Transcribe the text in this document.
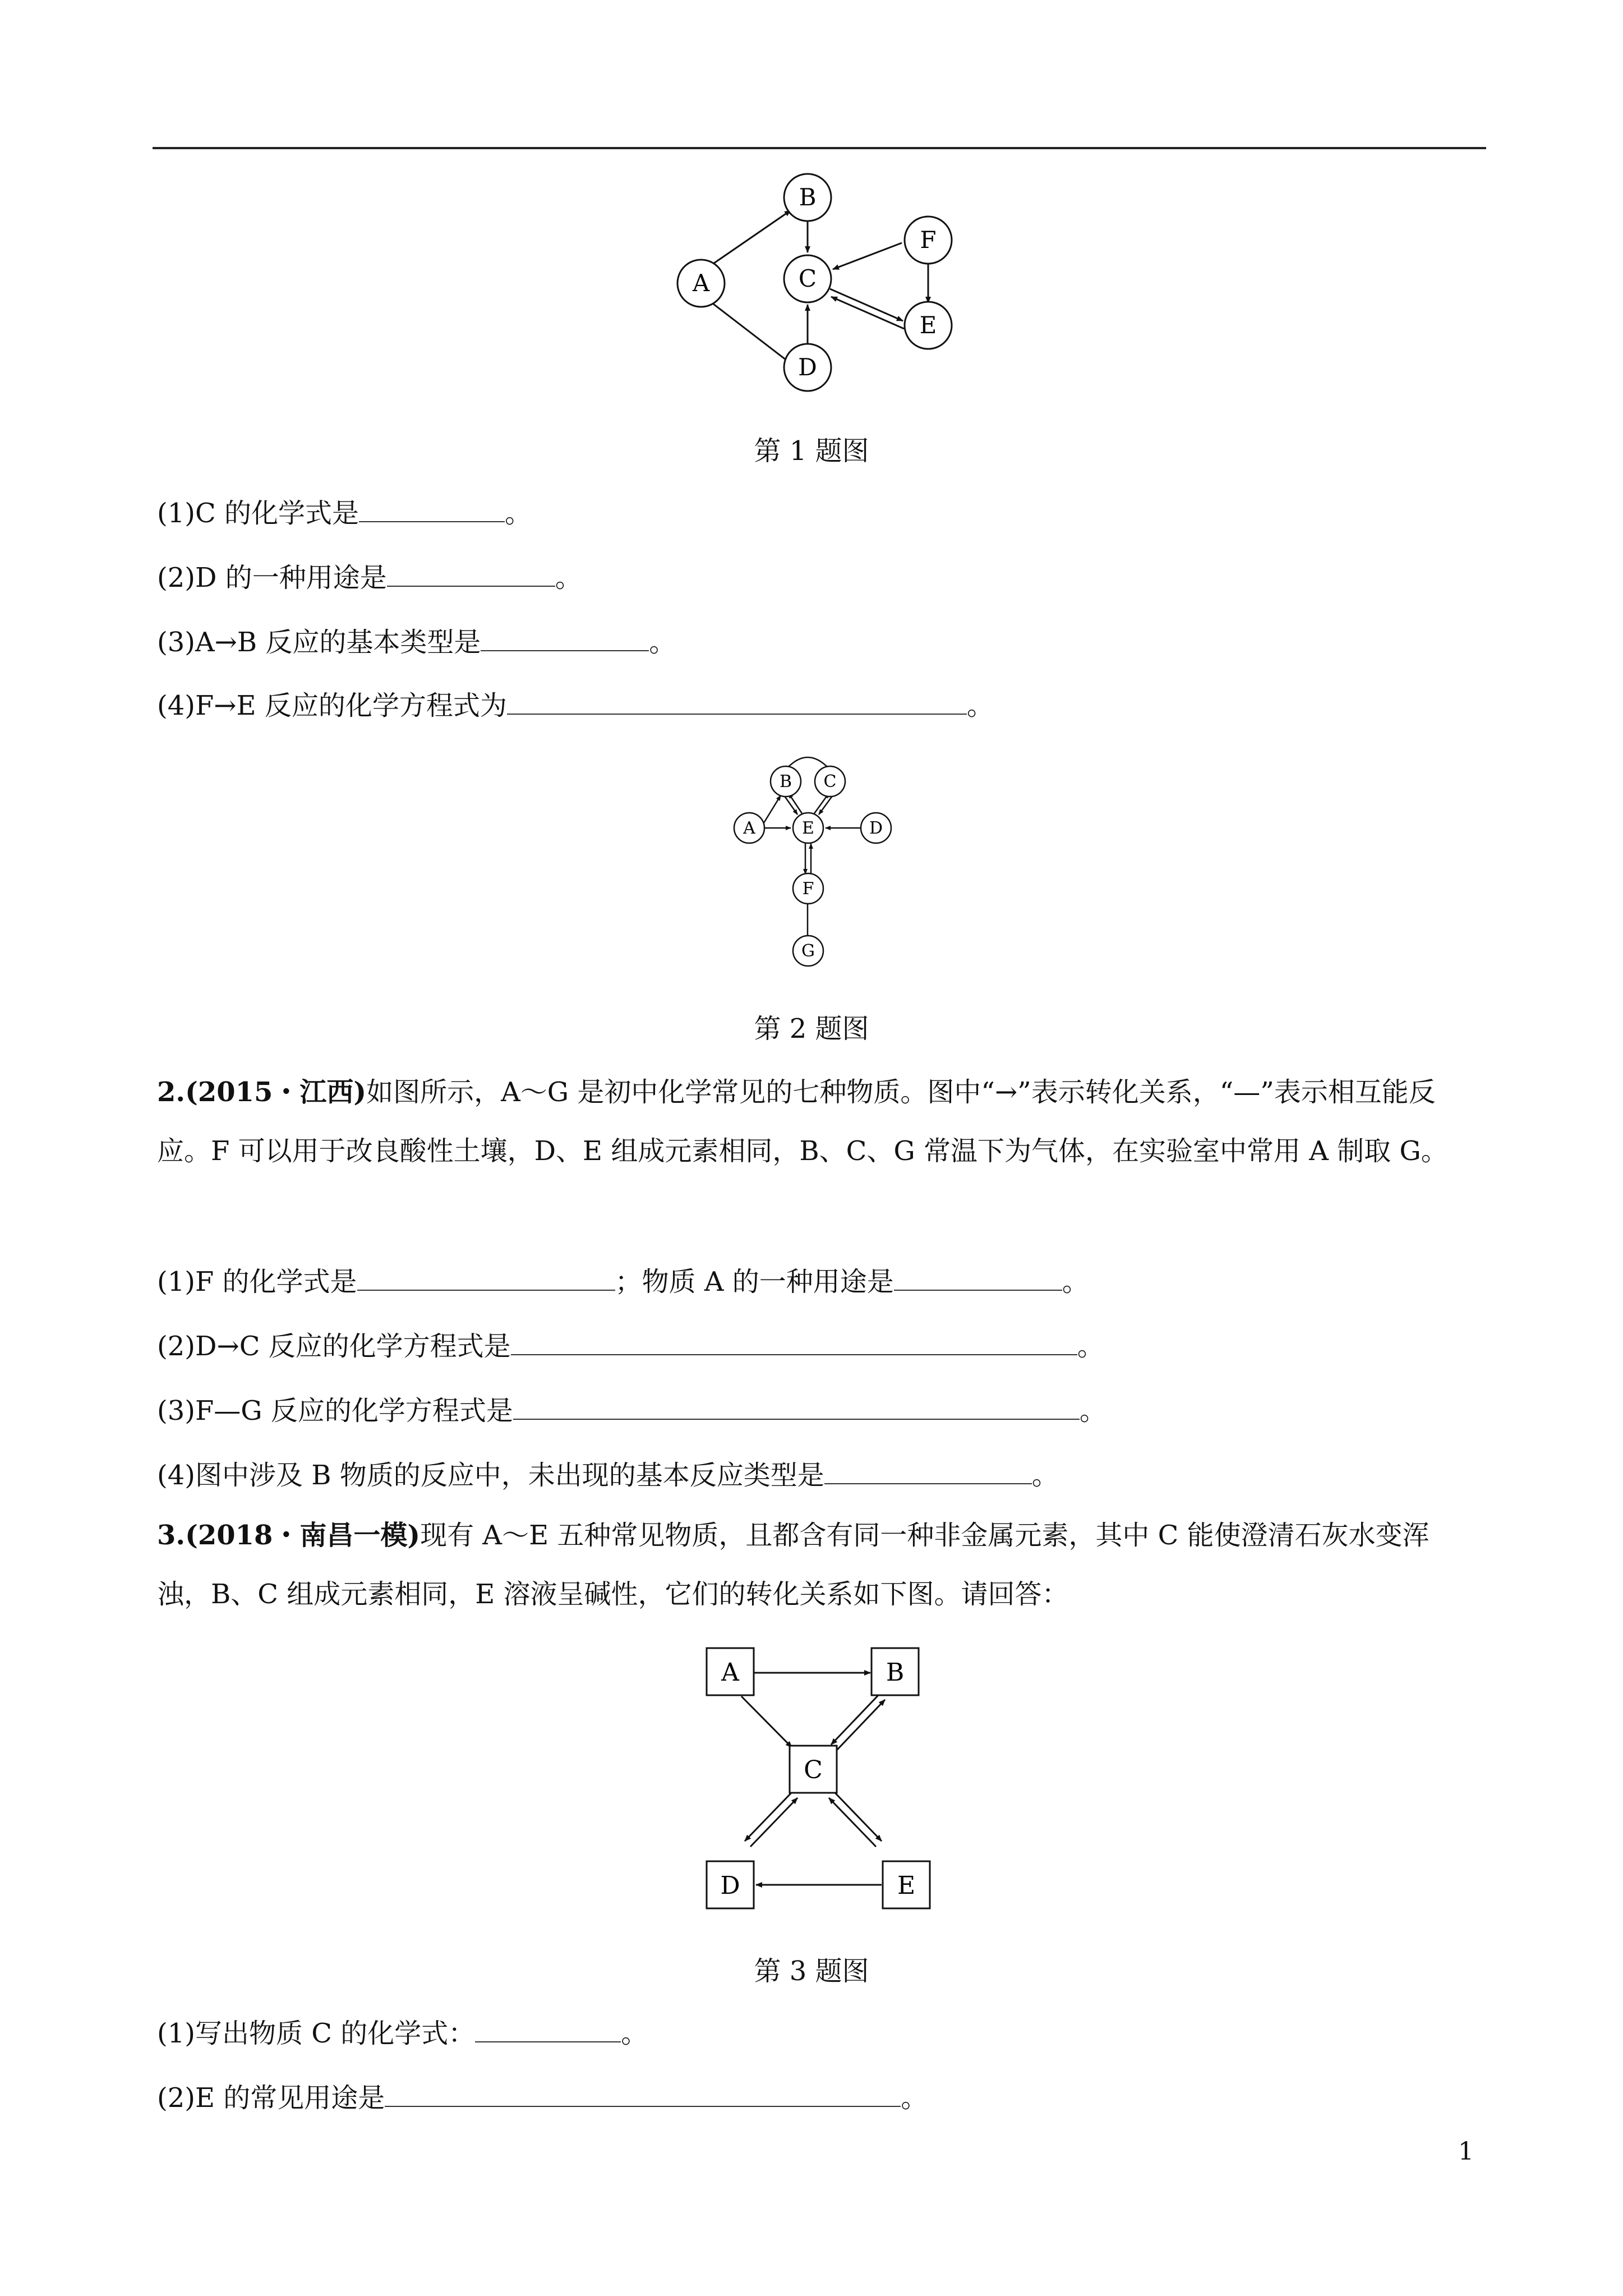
B
A	C
F
E
D
第 1 题图
(1)C 的化学式是	。
(2)D 的一种用途是	。
(3)A→B 反应的基本类型是	。
(4)F→E 反应的化学方程式为	。
B C
A	E	D
F
G
第 2 题图
2.(2015・江西)如图所示，A～G 是初中化学常见的七种物质。图中“→”表示转化关系，“—”表示相互能反应。F 可以用于改良酸性土壤，D、E 组成元素相同，B、C、G 常温下为气体，在实验室中常用 A 制取 G。
(1)F 的化学式是	；物质 A 的一种用途是	。
(2)D→C 反应的化学方程式是	。
(3)F—G 反应的化学方程式是	。
(4)图中涉及 B 物质的反应中，未出现的基本反应类型是	。
3.(2018・南昌一模)现有 A～E 五种常见物质，且都含有同一种非金属元素，其中 C 能使澄清石灰水变浑浊，B、C 组成元素相同，E 溶液呈碱性，它们的转化关系如下图。请回答：
A	B
C
D	E
第 3 题图
(1)写出物质 C 的化学式：	。
(2)E 的常见用途是	。
1
